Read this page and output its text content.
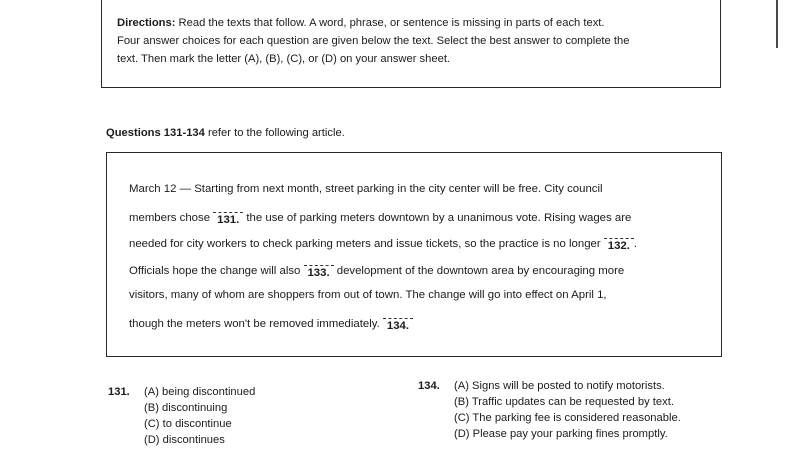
Directions: Read the texts that follow. A word, phrase, or sentence is missing in parts of each text.
Four answer choices for each question are given below the text. Select the best answer to complete the
text. Then mark the letter (A), (B), (C), or (D) on your answer sheet.
Questions 131-134 refer to the following article.
March 12 — Starting from next month, street parking in the city center will be free. City council
members chose 131. the use of parking meters downtown by a unanimous vote. Rising wages are
needed for city workers to check parking meters and issue tickets, so the practice is no longer 132. .
Officials hope the change will also 133. development of the downtown area by encouraging more
visitors, many of whom are shoppers from out of town. The change will go into effect on April 1,
though the meters won't be removed immediately. 134.
131.	(A) being discontinued
(B) discontinuing
(C) to discontinue
(D) discontinues
134.	(A) Signs will be posted to notify motorists.
(B) Traffic updates can be requested by text.
(C) The parking fee is considered reasonable.
(D) Please pay your parking fines promptly.
